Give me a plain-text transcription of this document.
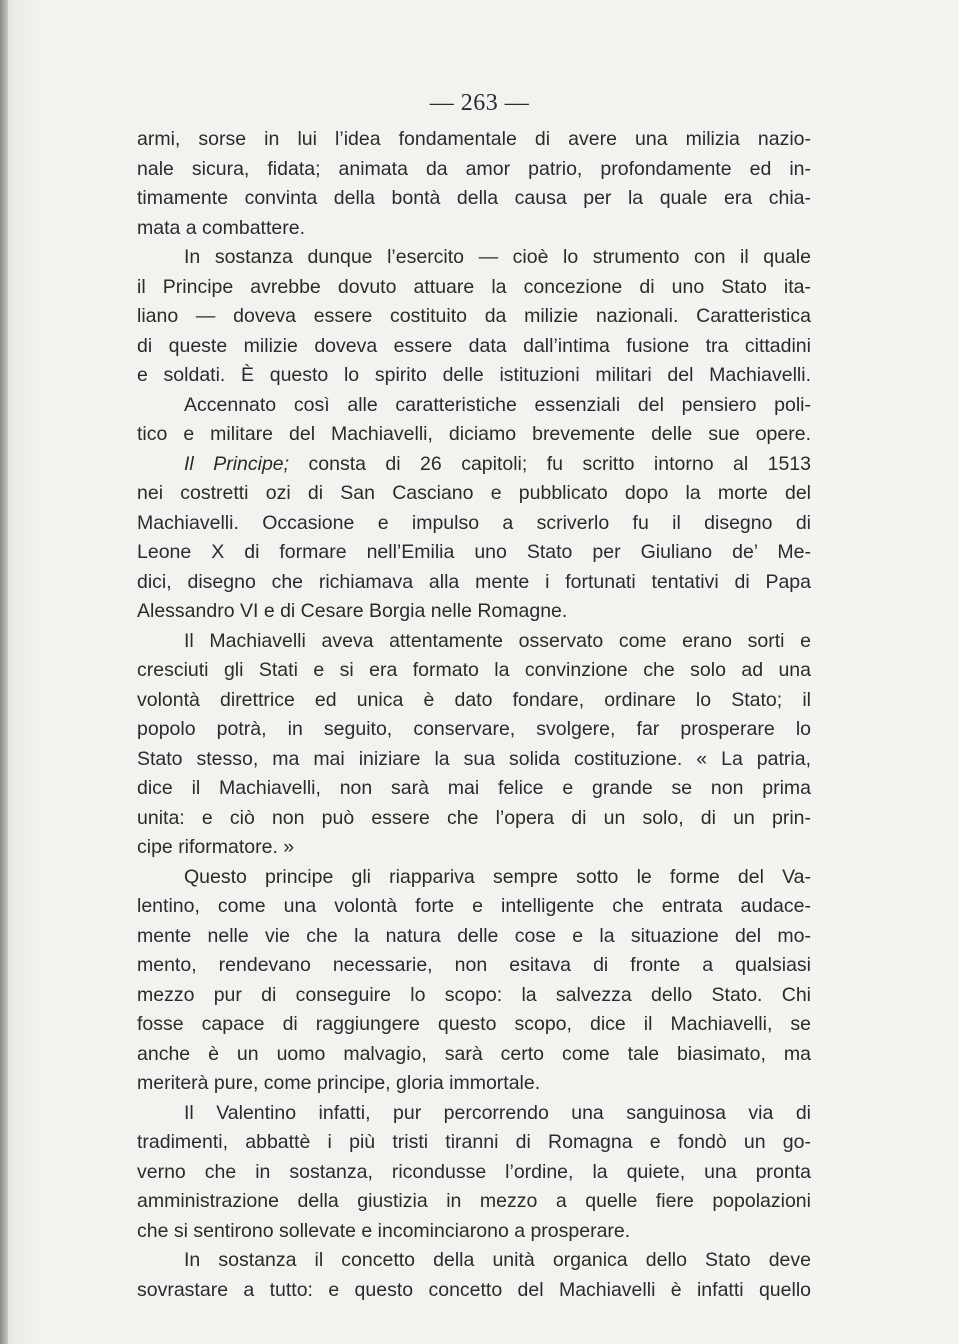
— 263 —

armi, sorse in lui l’idea fondamentale di avere una milizia nazio-
nale sicura, fidata; animata da amor patrio, profondamente ed in-
timamente convinta della bontà della causa per la quale era chia-
mata a combattere.
In sostanza dunque l’esercito — cioè lo strumento con il quale
il Principe avrebbe dovuto attuare la concezione di uno Stato ita-
liano — doveva essere costituito da milizie nazionali. Caratteristica
di queste milizie doveva essere data dall’intima fusione tra cittadini
e soldati. È questo lo spirito delle istituzioni militari del Machiavelli.
Accennato così alle caratteristiche essenziali del pensiero poli-
tico e militare del Machiavelli, diciamo brevemente delle sue opere.
Il Principe; consta di 26 capitoli; fu scritto intorno al 1513
nei costretti ozi di San Casciano e pubblicato dopo la morte del
Machiavelli. Occasione e impulso a scriverlo fu il disegno di
Leone X di formare nell’Emilia uno Stato per Giuliano de’ Me-
dici, disegno che richiamava alla mente i fortunati tentativi di Papa
Alessandro VI e di Cesare Borgia nelle Romagne.
Il Machiavelli aveva attentamente osservato come erano sorti e
cresciuti gli Stati e si era formato la convinzione che solo ad una
volontà direttrice ed unica è dato fondare, ordinare lo Stato; il
popolo potrà, in seguito, conservare, svolgere, far prosperare lo
Stato stesso, ma mai iniziare la sua solida costituzione. « La patria,
dice il Machiavelli, non sarà mai felice e grande se non prima
unita: e ciò non può essere che l’opera di un solo, di un prin-
cipe riformatore. »
Questo principe gli riappariva sempre sotto le forme del Va-
lentino, come una volontà forte e intelligente che entrata audace-
mente nelle vie che la natura delle cose e la situazione del mo-
mento, rendevano necessarie, non esitava di fronte a qualsiasi
mezzo pur di conseguire lo scopo: la salvezza dello Stato. Chi
fosse capace di raggiungere questo scopo, dice il Machiavelli, se
anche è un uomo malvagio, sarà certo come tale biasimato, ma
meriterà pure, come principe, gloria immortale.
Il Valentino infatti, pur percorrendo una sanguinosa via di
tradimenti, abbattè i più tristi tiranni di Romagna e fondò un go-
verno che in sostanza, ricondusse l’ordine, la quiete, una pronta
amministrazione della giustizia in mezzo a quelle fiere popolazioni
che si sentirono sollevate e incominciarono a prosperare.
In sostanza il concetto della unità organica dello Stato deve
sovrastare a tutto: e questo concetto del Machiavelli è infatti quello
